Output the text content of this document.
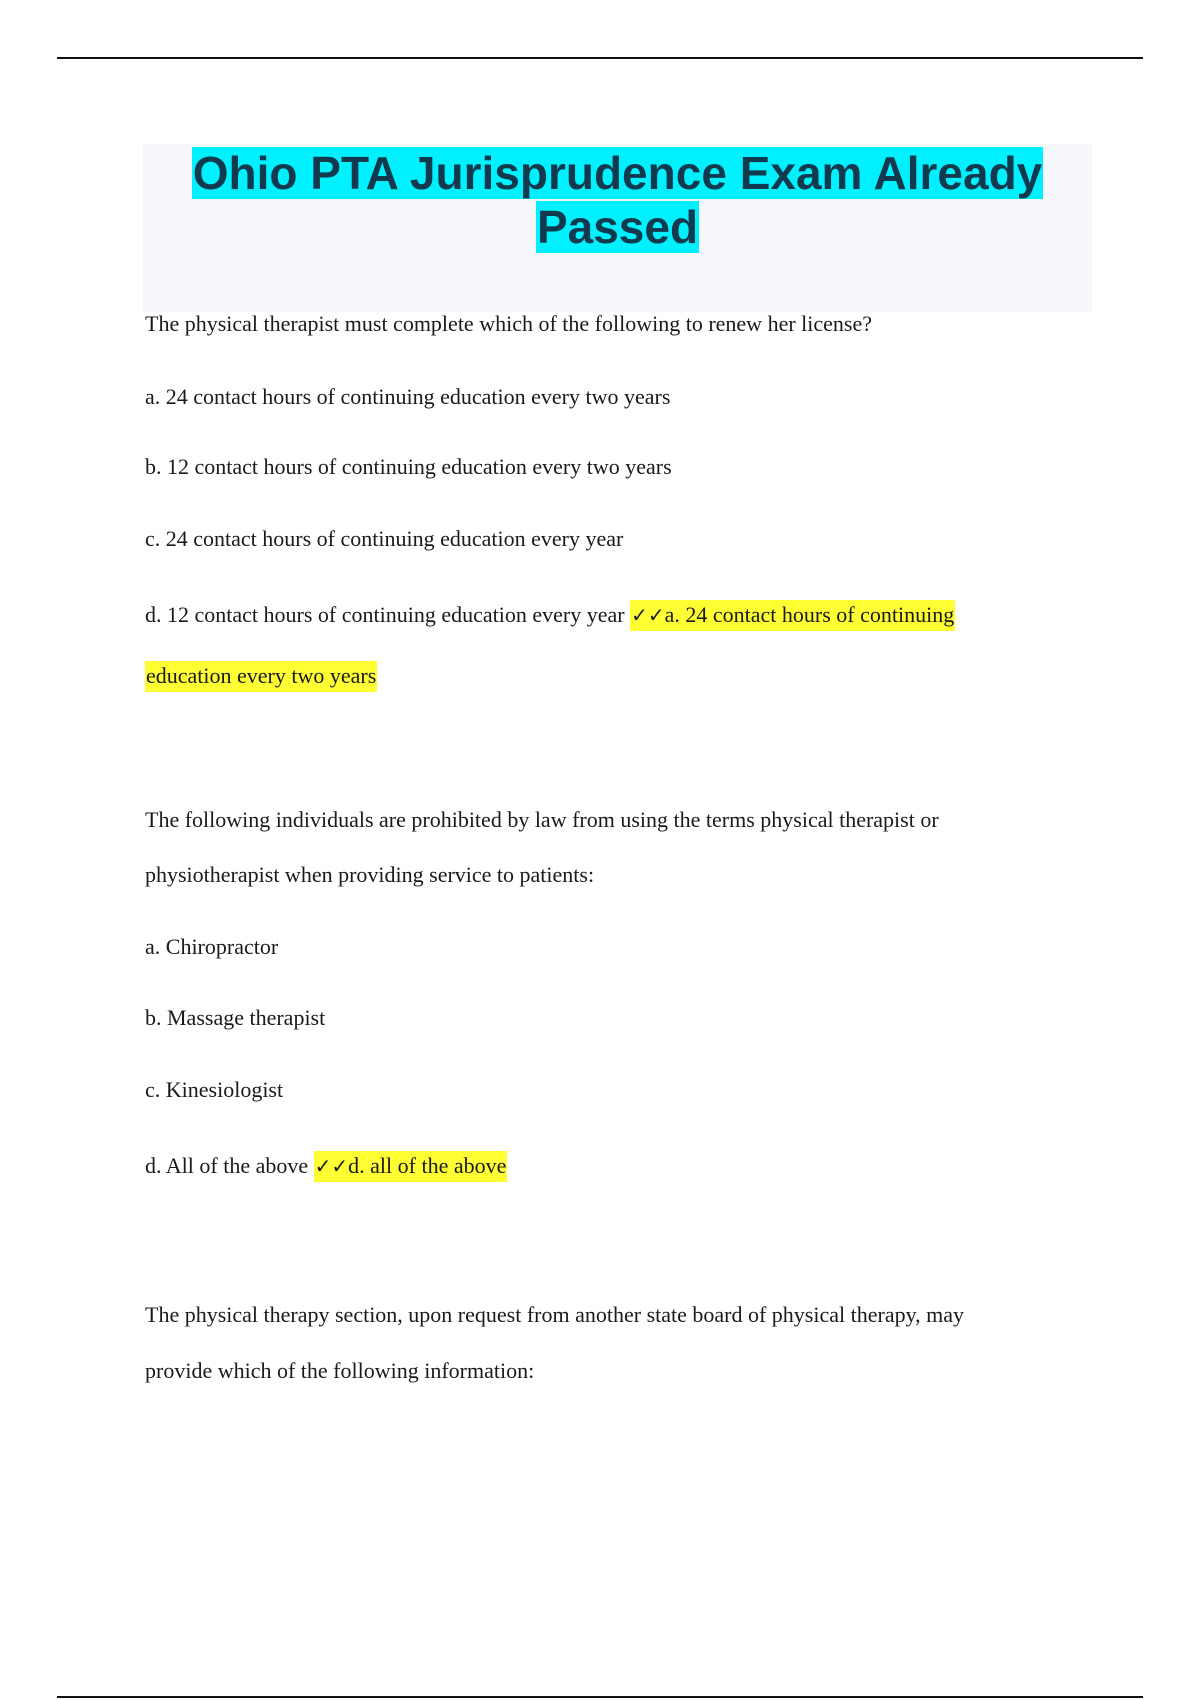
Ohio PTA Jurisprudence Exam Already
Passed
The physical therapist must complete which of the following to renew her license?
a. 24 contact hours of continuing education every two years
b. 12 contact hours of continuing education every two years
c. 24 contact hours of continuing education every year
d. 12 contact hours of continuing education every year ✓✓a. 24 contact hours of continuing
education every two years
The following individuals are prohibited by law from using the terms physical therapist or
physiotherapist when providing service to patients:
a. Chiropractor
b. Massage therapist
c. Kinesiologist
d. All of the above ✓✓d. all of the above
The physical therapy section, upon request from another state board of physical therapy, may
provide which of the following information:
